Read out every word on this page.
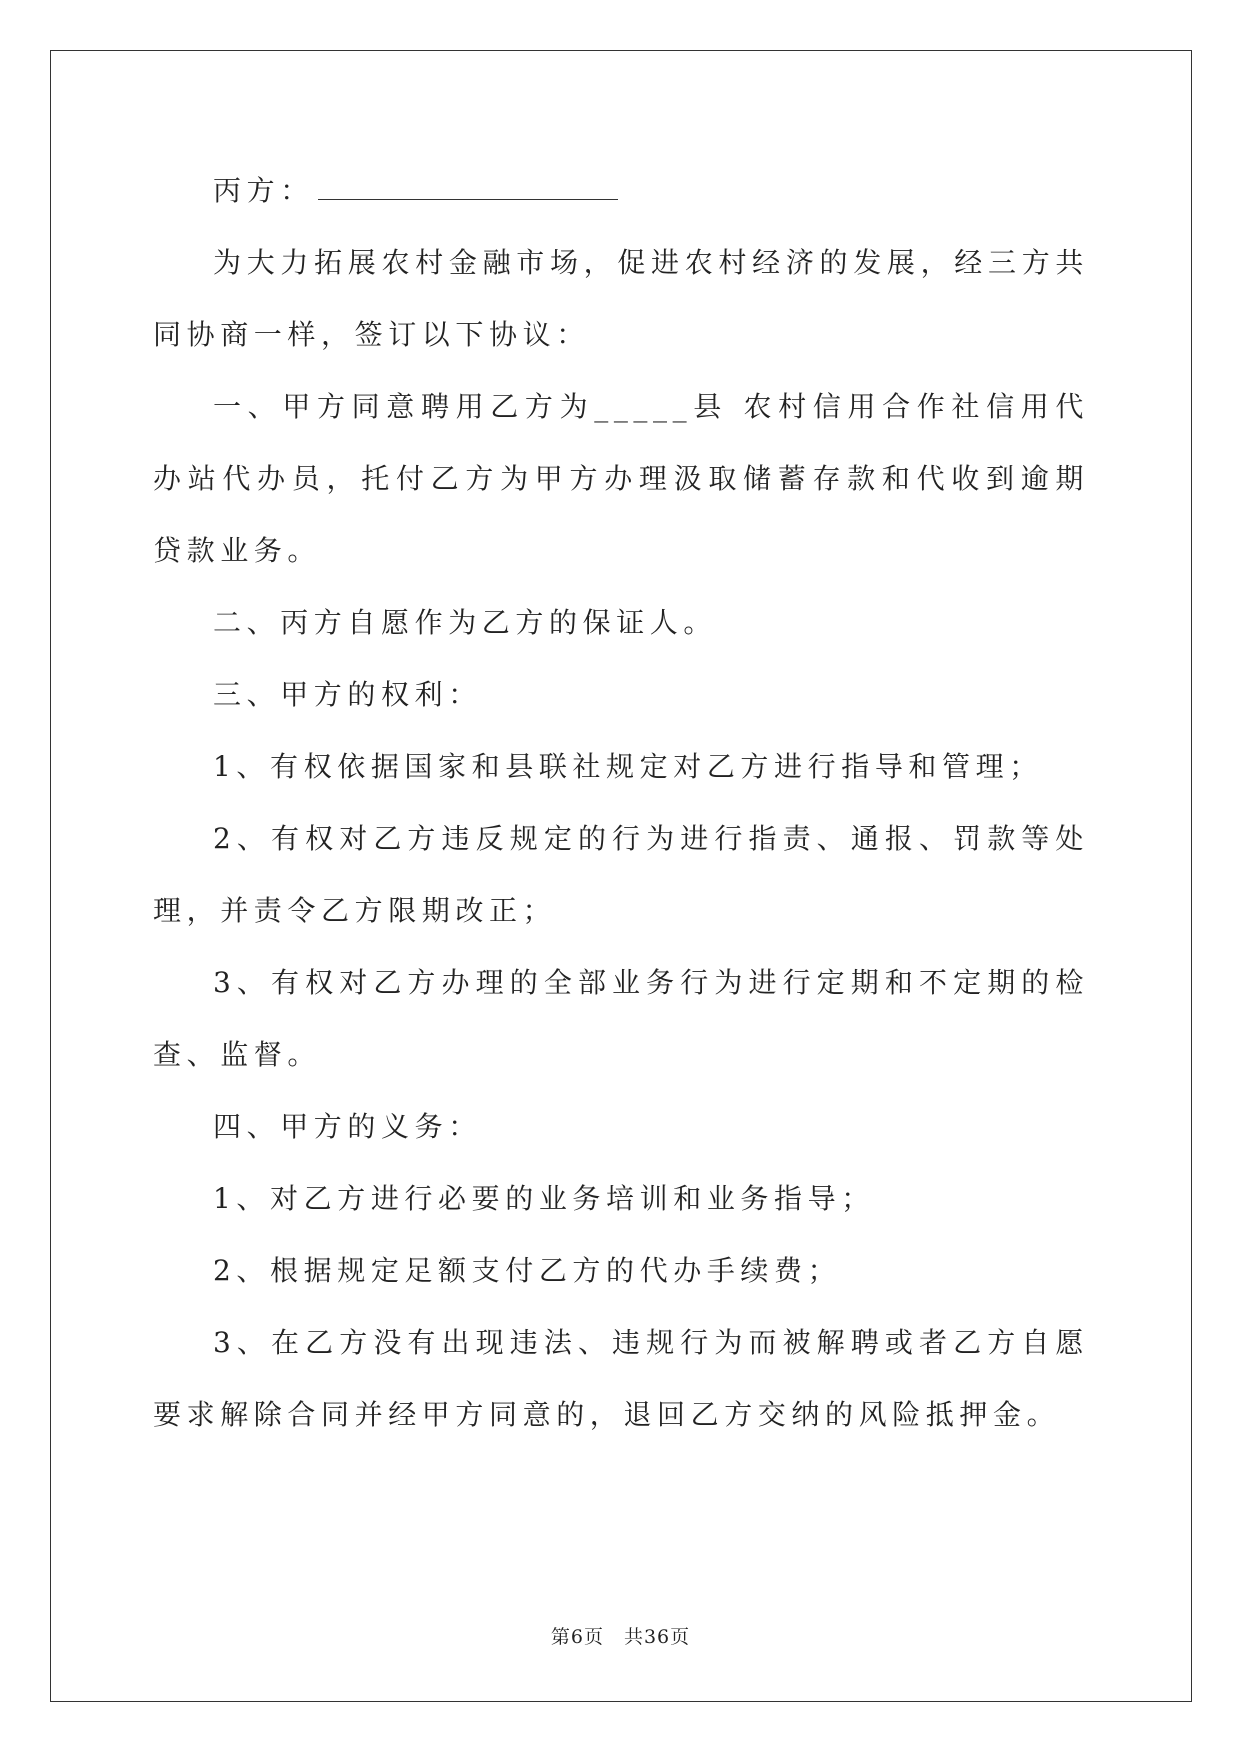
丙方：

为大力拓展农村金融市场，促进农村经济的发展，经三方共同协商一样，签订以下协议：

一、甲方同意聘用乙方为_____县 农村信用合作社信用代办站代办员，托付乙方为甲方办理汲取储蓄存款和代收到逾期贷款业务。

二、丙方自愿作为乙方的保证人。

三、甲方的权利：

1、有权依据国家和县联社规定对乙方进行指导和管理；

2、有权对乙方违反规定的行为进行指责、通报、罚款等处理，并责令乙方限期改正；

3、有权对乙方办理的全部业务行为进行定期和不定期的检查、监督。

四、甲方的义务：

1、对乙方进行必要的业务培训和业务指导；

2、根据规定足额支付乙方的代办手续费；

3、在乙方没有出现违法、违规行为而被解聘或者乙方自愿要求解除合同并经甲方同意的，退回乙方交纳的风险抵押金。

第6页　共36页
